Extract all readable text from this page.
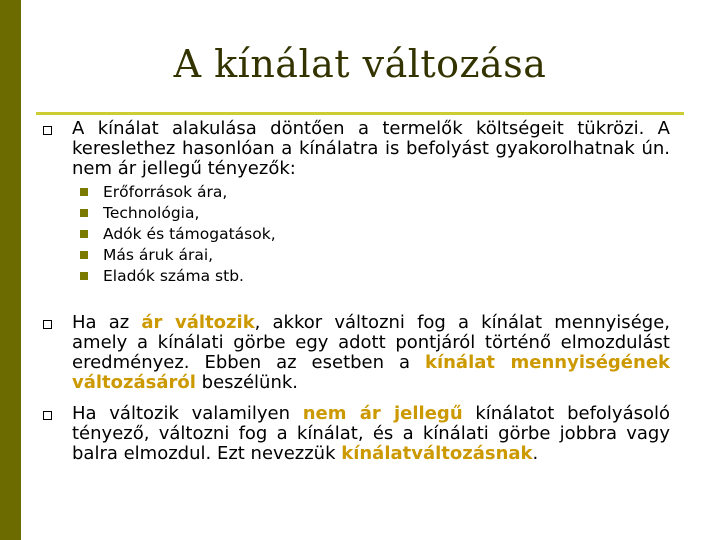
A kínálat változása
A kínálat alakulása döntően a termelők költségeit tükrözi. A kereslethez hasonlóan a kínálatra is befolyást gyakorolhatnak ún. nem ár jellegű tényezők:
Erőforrások ára,
Technológia,
Adók és támogatások,
Más áruk árai,
Eladók száma stb.
Ha az ár változik, akkor változni fog a kínálat mennyisége, amely a kínálati görbe egy adott pontjáról történő elmozdulást eredményez. Ebben az esetben a kínálat mennyiségének változásáról beszélünk.
Ha változik valamilyen nem ár jellegű kínálatot befolyásoló tényező, változni fog a kínálat, és a kínálati görbe jobbra vagy balra elmozdul. Ezt nevezzük kínálatváltozásnak.
